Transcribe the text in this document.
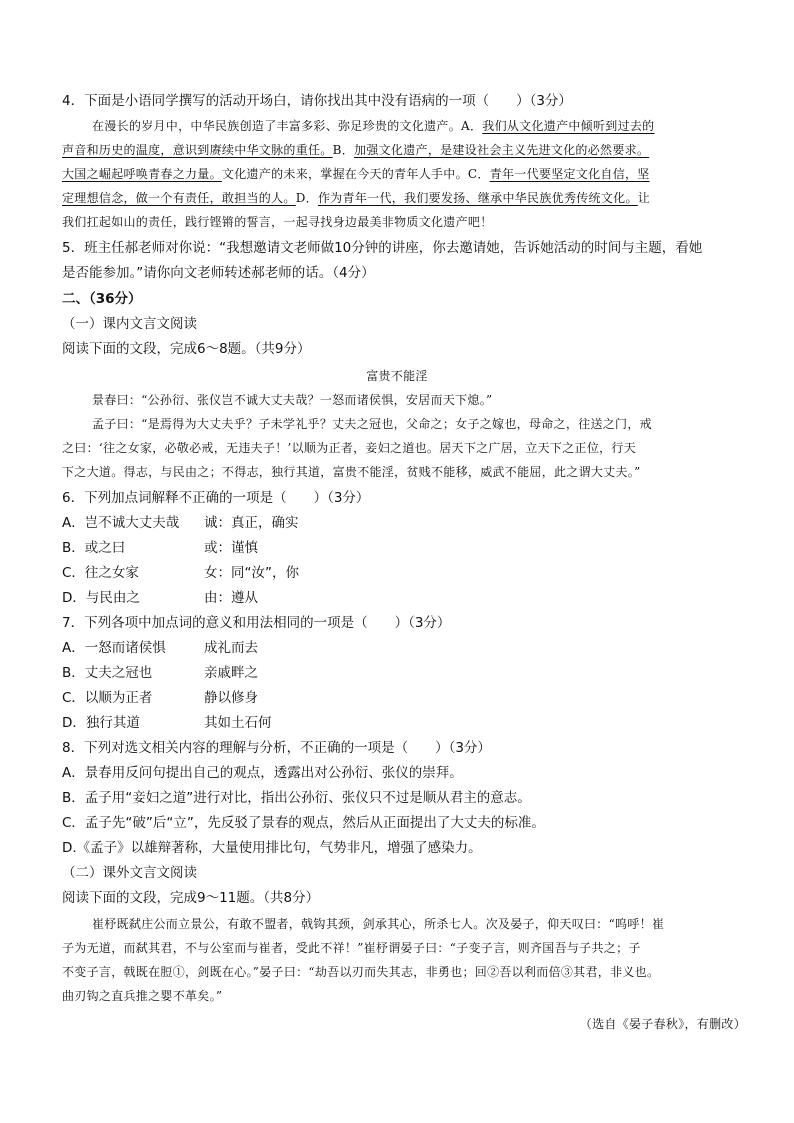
4．下面是小语同学撰写的活动开场白，请你找出其中没有语病的一项（　　）（3分）
在漫长的岁月中，中华民族创造了丰富多彩、弥足珍贵的文化遗产。A．我们从文化遗产中倾听到过去的
声音和历史的温度，意识到赓续中华文脉的重任。B．加强文化遗产，是建设社会主义先进文化的必然要求。
大国之崛起呼唤青春之力量。文化遗产的未来，掌握在今天的青年人手中。C．青年一代要坚定文化自信，坚
定理想信念，做一个有责任，敢担当的人。D．作为青年一代，我们要发扬、继承中华民族优秀传统文化。让
我们扛起如山的责任，践行铿锵的誓言，一起寻找身边最美非物质文化遗产吧！
5．班主任郝老师对你说：“我想邀请文老师做10分钟的讲座，你去邀请她，告诉她活动的时间与主题，看她
是否能参加。”请你向文老师转述郝老师的话。（4分）
二、（36分）
（一）课内文言文阅读
阅读下面的文段，完成6～8题。（共9分）
富贵不能淫
景春曰：“公孙衍、张仪岂不诚大丈夫哉？一怒而诸侯惧，安居而天下熄。”
孟子曰：“是焉得为大丈夫乎？子未学礼乎？丈夫之冠也，父命之；女子之嫁也，母命之，往送之门，戒
之曰：‘往之女家，必敬必戒，无违夫子！’以顺为正者，妾妇之道也。居天下之广居，立天下之正位，行天
下之大道。得志，与民由之；不得志，独行其道，富贵不能淫，贫贱不能移，威武不能屈，此之谓大丈夫。”
6．下列加点词解释不正确的一项是（　　）（3分）
A．岂不诚大丈夫哉 诚：真正，确实
B．或之曰	或：谨慎
C．往之女家	女：同“汝”，你
D．与民由之	由：遵从
7．下列各项中加点词的意义和用法相同的一项是（　　）（3分）
A．一怒而诸侯惧	成礼而去
B．丈夫之冠也	亲戚畔之
C．以顺为正者	静以修身
D．独行其道	其如土石何
8．下列对选文相关内容的理解与分析，不正确的一项是（　　）（3分）
A．景春用反问句提出自己的观点，透露出对公孙衍、张仪的崇拜。
B．孟子用“妾妇之道”进行对比，指出公孙衍、张仪只不过是顺从君主的意志。
C．孟子先“破”后“立”，先反驳了景春的观点，然后从正面提出了大丈夫的标准。
D.《孟子》以雄辩著称，大量使用排比句，气势非凡，增强了感染力。
（二）课外文言文阅读
阅读下面的文段，完成9～11题。（共8分）
崔杼既弑庄公而立景公，有敢不盟者，戟钩其颈，剑承其心，所杀七人。次及晏子，仰天叹曰：“呜呼！崔
子为无道，而弑其君，不与公室而与崔者，受此不祥！”崔杼谓晏子曰：“子变子言，则齐国吾与子共之；子
不变子言，戟既在脰①，剑既在心。”晏子曰：“劫吾以刃而失其志，非勇也；回②吾以利而倍③其君，非义也。
曲刃钩之直兵推之婴不革矣。”
（选自《晏子春秋》，有删改）
